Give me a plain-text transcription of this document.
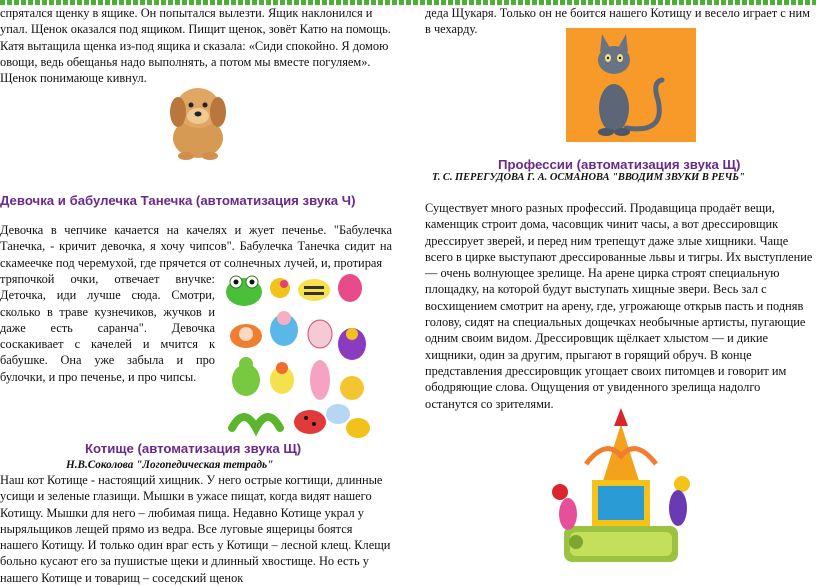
спрятался щенку в ящике. Он попытался вылезти. Ящик наклонился и упал. Щенок оказался под ящиком. Пищит щенок, зовёт Катю на помощь. Катя вытащила щенка из-под ящика и сказала: «Сиди спокойно. Я домою овощи, ведь обещанья надо выполнять, а потом мы вместе погуляем». Щенок понимающе кивнул.

Девочка и бабулечка Танечка (автоматизация звука Ч)

Девочка в чепчике качается на качелях и жует печенье. "Бабулечка Танечка, - кричит девочка, я хочу чипсов". Бабулечка Танечка сидит на скамеечке под черемухой, где прячется от солнечных лучей, и, протирая

тряпочкой очки, отвечает внучке: Деточка, иди лучше сюда. Смотри, сколько в траве кузнечиков, жучков и даже есть саранча". Девочка соскакивает с качелей и мчится к бабушке. Она уже забыла и про булочки, и про печенье, и про чипсы.

Котище (автоматизация звука Щ)

Н.В.Соколова "Логопедическая тетрадь"

Наш кот Котище - настоящий хищник. У него острые когтищи, длинные усищи и зеленые глазищи. Мышки в ужасе пищат, когда видят нашего Котищу. Мышки для него – любимая пища. Недавно Котище украл у ныряльщиков лещей прямо из ведра. Все луговые ящерицы боятся нашего Котищу. И только один враг есть у Котищи – лесной клещ. Клещи больно кусают его за пушистые щеки и длинный хвостище. Но есть у нашего Котище и товарищ – соседский щенок

дедa Щукаря. Только он не боится нашего Котищу и весело играет с ним в чехарду.

Профессии (автоматизация звука Щ)

Т. С. ПЕРЕГУДОВА Г. А. ОСМАНОВА "ВВОДИМ ЗВУКИ В РЕЧЬ"

Существует много разных профессий. Продавщица продаёт вещи, каменщик строит дома, часовщик чинит часы, а вот дрессировщик дрессирует зверей, и перед ним трепещут даже злые хищники. Чаще всего в цирке выступают дрессированные львы и тигры. Их выступление — очень волнующее зрелище. На арене цирка строят специальную площадку, на которой будут выступать хищные звери. Весь зал с восхищением смотрит на арену, где, угрожающе открыв пасть и подняв голову, сидят на специальных дощечках необычные артисты, пугающие одним своим видом. Дрессировщик щёлкает хлыстом — и дикие хищники, один за другим, прыгают в горящий обруч. В конце представления дрессировщик угощает своих питомцев и говорит им ободряющие слова. Ощущения от увиденного зрелища надолго останутся со зрителями.
